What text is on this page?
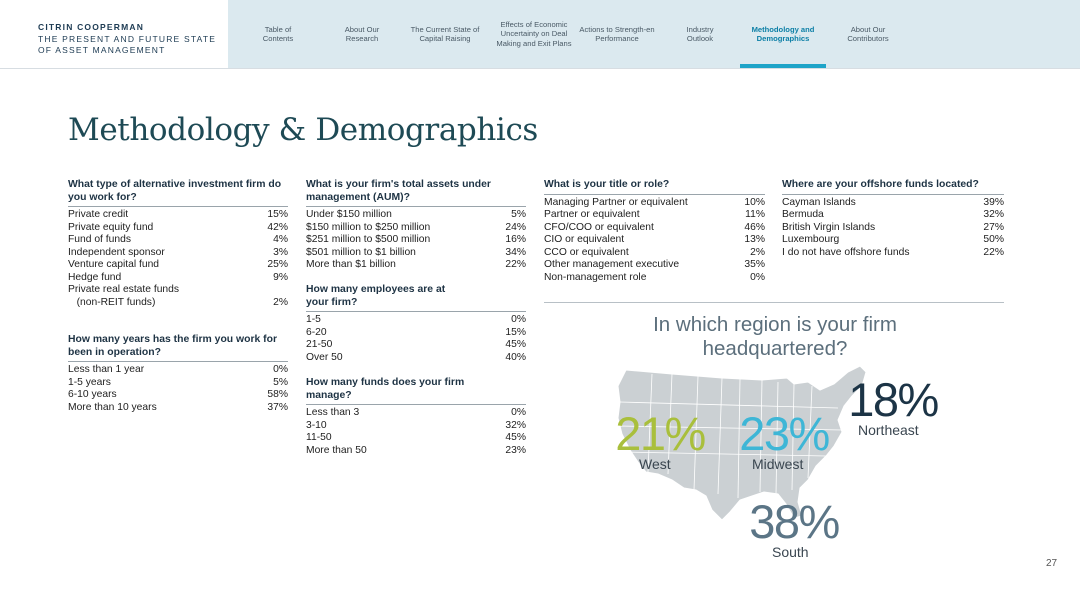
CITRIN COOPERMAN
THE PRESENT AND FUTURE STATE
OF ASSET MANAGEMENT
Table of Contents
About Our Research
The Current State of Capital Raising
Effects of Economic Uncertainty on Deal Making and Exit Plans
Actions to Strength-en Performance
Industry Outlook
Methodology and Demographics
About Our Contributors
Methodology & Demographics
What type of alternative investment firm do you work for?
Private credit	15%
Private equity fund	42%
Fund of funds	4%
Independent sponsor	3%
Venture capital fund	25%
Hedge fund	9%
Private real estate funds
(non-REIT funds)	2%
How many years has the firm you work for been in operation?
Less than 1 year	0%
1-5 years	5%
6-10 years	58%
More than 10 years	37%
What is your firm's total assets under management (AUM)?
Under $150 million	5%
$150 million to $250 million	24%
$251 million to $500 million	16%
$501 million to $1 billion	34%
More than $1 billion	22%
How many employees are at your firm?
1-5	0%
6-20	15%
21-50	45%
Over 50	40%
How many funds does your firm manage?
Less than 3	0%
3-10	32%
11-50	45%
More than 50	23%
What is your title or role?
Managing Partner or equivalent	10%
Partner or equivalent	11%
CFO/COO or equivalent	46%
CIO or equivalent	13%
CCO or equivalent	2%
Other management executive	35%
Non-management role	0%
Where are your offshore funds located?
Cayman Islands	39%
Bermuda	32%
British Virgin Islands	27%
Luxembourg	50%
I do not have offshore funds	22%
In which region is your firm headquartered?
21%
West
23%
Midwest
18%
Northeast
38%
South
27
